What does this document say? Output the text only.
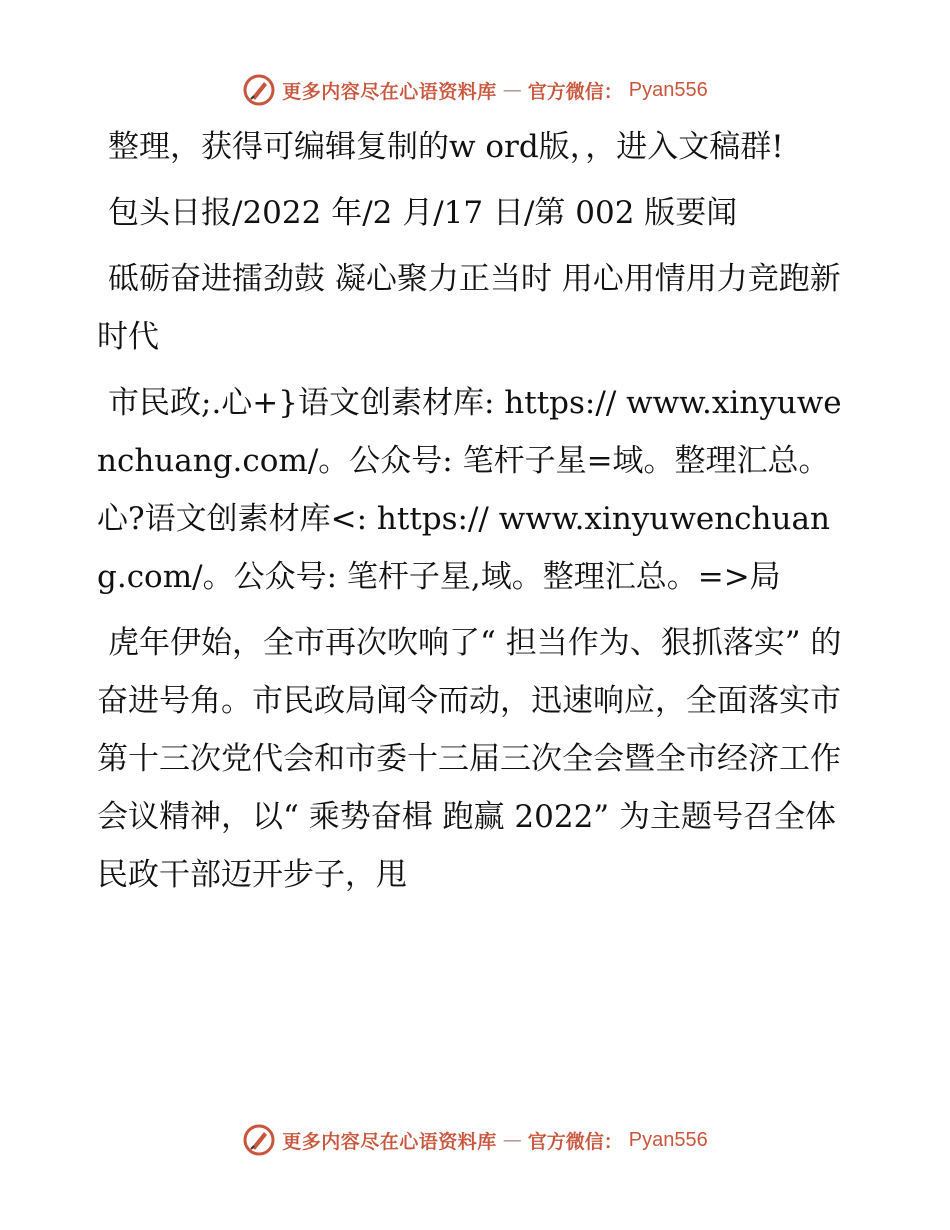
更多内容尽在心语资料库 — 官方微信： Pyan556

整理，获得可编辑复制的w ord版，，进入文稿群!

包头日报/2022 年/2 月/17 日/第 002 版要闻

砥砺奋进擂劲鼓 凝心聚力正当时 用心用情用力竞跑新时代

市民政;.心+}语文创素材库: https:// www.xinyuwenchuang.com/。公众号: 笔杆子星=域。整理汇总。心?语文创素材库<: https:// www.xinyuwenchuang.com/。公众号: 笔杆子星,域。整理汇总。=>局

虎年伊始，全市再次吹响了“ 担当作为、狠抓落实” 的奋进号角。市民政局闻令而动，迅速响应，全面落实市第十三次党代会和市委十三届三次全会暨全市经济工作会议精神，以“ 乘势奋楫 跑赢 2022” 为主题号召全体民政干部迈开步子，甩

更多内容尽在心语资料库 — 官方微信： Pyan556
